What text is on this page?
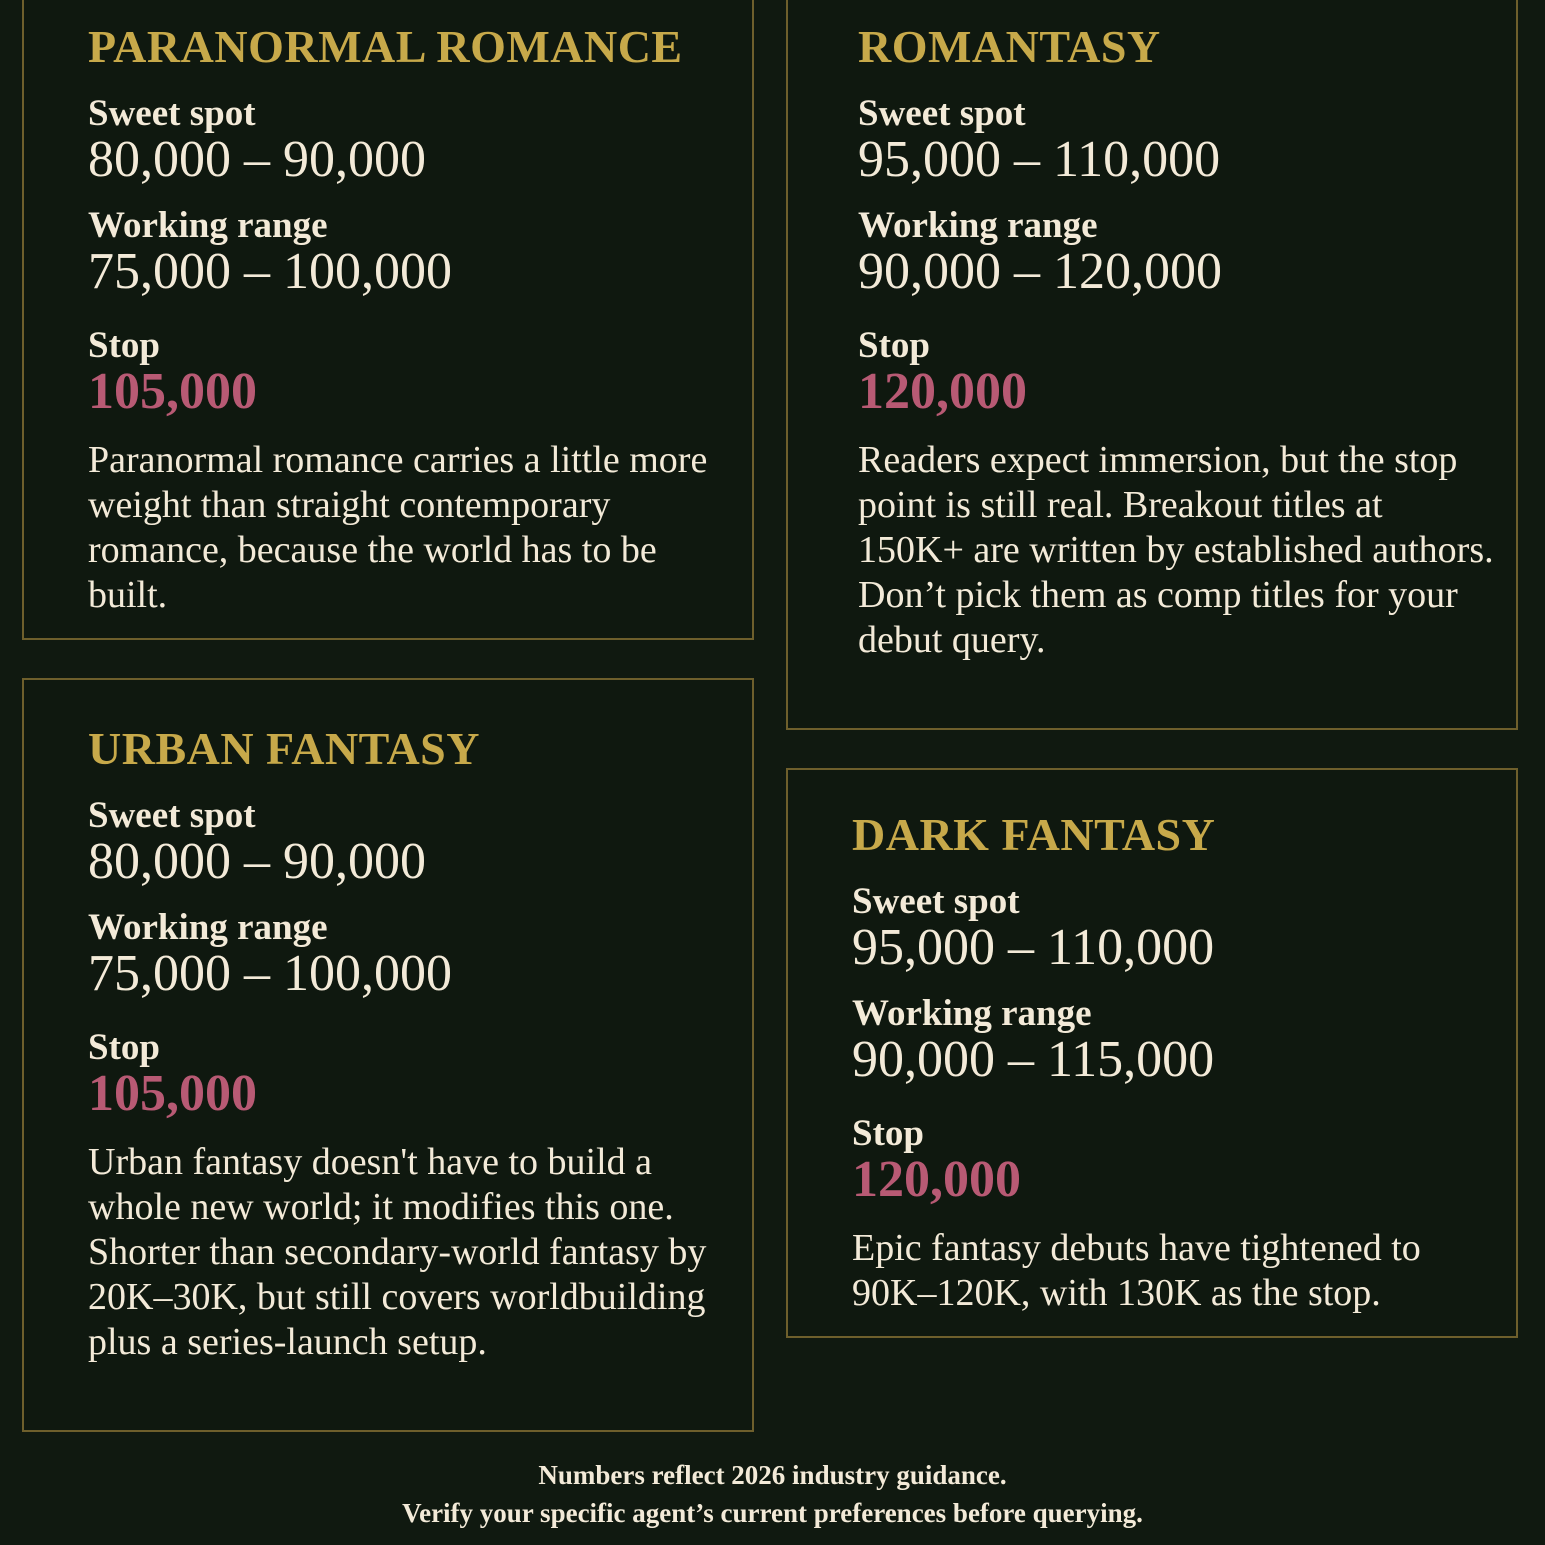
PARANORMAL ROMANCE
Sweet spot
80,000 – 90,000
Working range
75,000 – 100,000
Stop
105,000
Paranormal romance carries a little more weight than straight contemporary romance, because the world has to be built.
ROMANTASY
Sweet spot
95,000 – 110,000
Working range
90,000 – 120,000
Stop
120,000
Readers expect immersion, but the stop point is still real. Breakout titles at 150K+ are written by established authors. Don’t pick them as comp titles for your debut query.
URBAN FANTASY
Sweet spot
80,000 – 90,000
Working range
75,000 – 100,000
Stop
105,000
Urban fantasy doesn't have to build a whole new world; it modifies this one. Shorter than secondary-world fantasy by 20K–30K, but still covers worldbuilding plus a series-launch setup.
DARK FANTASY
Sweet spot
95,000 – 110,000
Working range
90,000 – 115,000
Stop
120,000
Epic fantasy debuts have tightened to 90K–120K, with 130K as the stop.
Numbers reflect 2026 industry guidance.
Verify your specific agent’s current preferences before querying.
